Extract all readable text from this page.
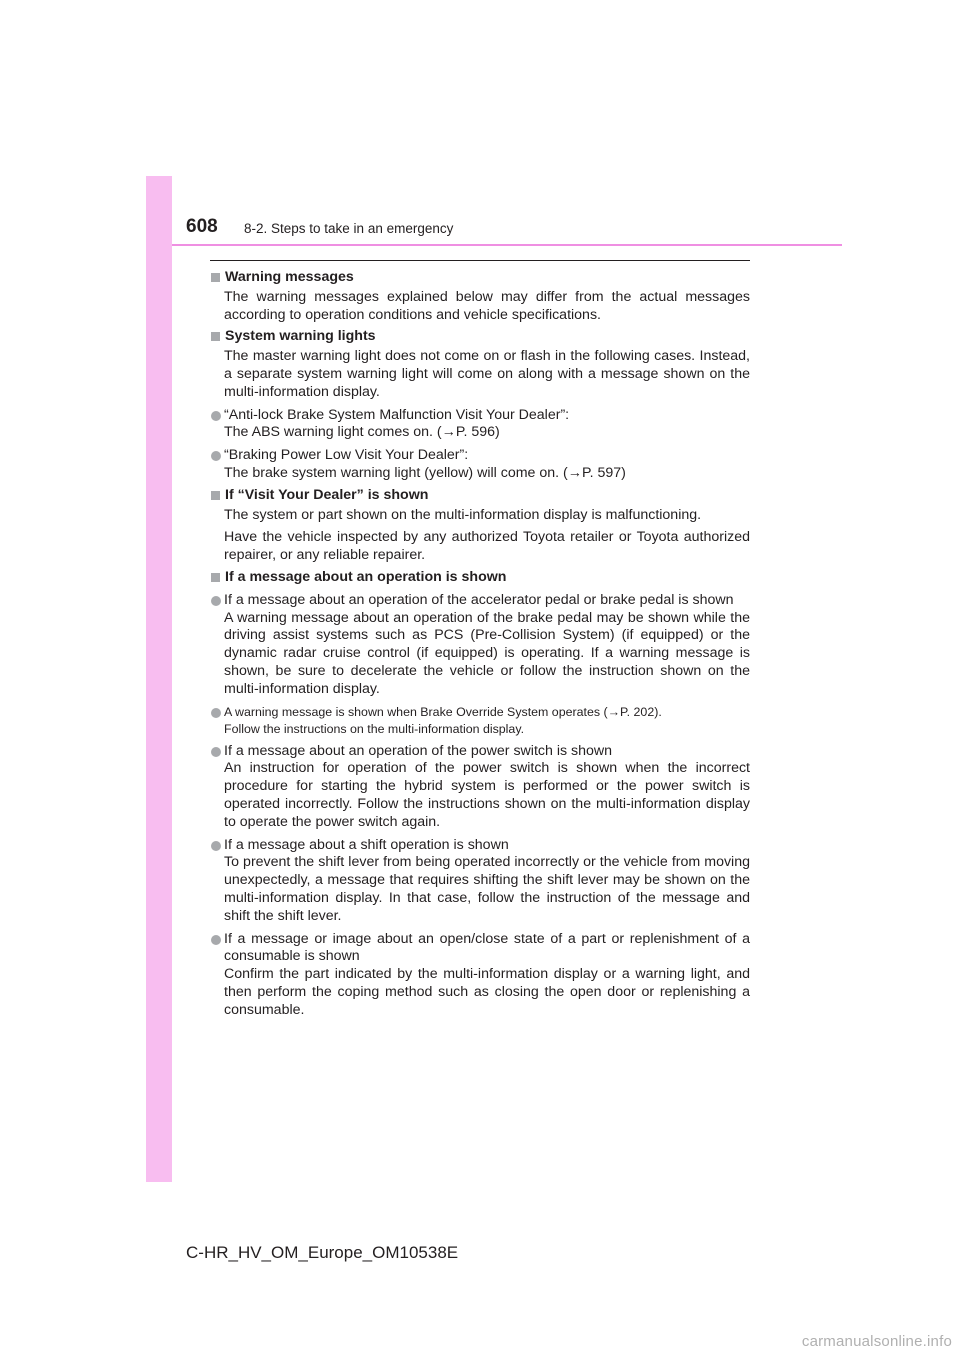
608 8-2. Steps to take in an emergency
Warning messages
The warning messages explained below may differ from the actual messages according to operation conditions and vehicle specifications.
System warning lights
The master warning light does not come on or flash in the following cases. Instead, a separate system warning light will come on along with a message shown on the multi-information display.
“Anti-lock Brake System Malfunction Visit Your Dealer”:
The ABS warning light comes on. (→P. 596)
“Braking Power Low Visit Your Dealer”:
The brake system warning light (yellow) will come on. (→P. 597)
If “Visit Your Dealer” is shown
The system or part shown on the multi-information display is malfunctioning.
Have the vehicle inspected by any authorized Toyota retailer or Toyota authorized repairer, or any reliable repairer.
If a message about an operation is shown
If a message about an operation of the accelerator pedal or brake pedal is shown
A warning message about an operation of the brake pedal may be shown while the driving assist systems such as PCS (Pre-Collision System) (if equipped) or the dynamic radar cruise control (if equipped) is operating. If a warning message is shown, be sure to decelerate the vehicle or follow the instruction shown on the multi-information display.
A warning message is shown when Brake Override System operates (→P. 202).
Follow the instructions on the multi-information display.
If a message about an operation of the power switch is shown
An instruction for operation of the power switch is shown when the incorrect procedure for starting the hybrid system is performed or the power switch is operated incorrectly. Follow the instructions shown on the multi-information display to operate the power switch again.
If a message about a shift operation is shown
To prevent the shift lever from being operated incorrectly or the vehicle from moving unexpectedly, a message that requires shifting the shift lever may be shown on the multi-information display. In that case, follow the instruction of the message and shift the shift lever.
If a message or image about an open/close state of a part or replenishment of a consumable is shown
Confirm the part indicated by the multi-information display or a warning light, and then perform the coping method such as closing the open door or replenishing a consumable.
C-HR_HV_OM_Europe_OM10538E
carmanualsonline.info
